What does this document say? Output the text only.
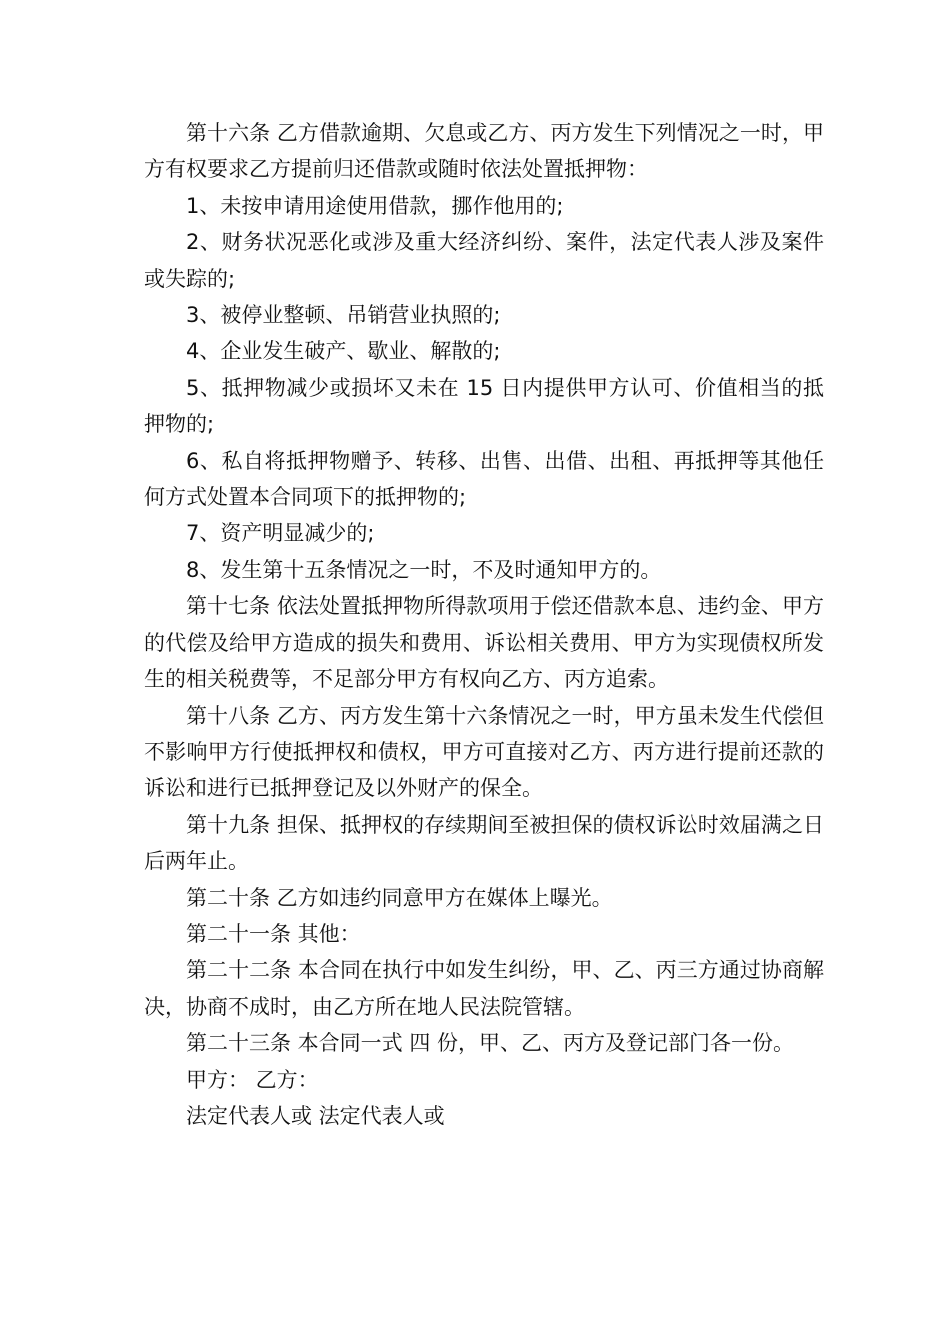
第十六条 乙方借款逾期、欠息或乙方、丙方发生下列情况之一时，甲方有权要求乙方提前归还借款或随时依法处置抵押物：

1、未按申请用途使用借款，挪作他用的;

2、财务状况恶化或涉及重大经济纠纷、案件，法定代表人涉及案件或失踪的;

3、被停业整顿、吊销营业执照的;

4、企业发生破产、歇业、解散的;

5、抵押物减少或损坏又未在 15 日内提供甲方认可、价值相当的抵押物的;

6、私自将抵押物赠予、转移、出售、出借、出租、再抵押等其他任何方式处置本合同项下的抵押物的;

7、资产明显减少的;

8、发生第十五条情况之一时，不及时通知甲方的。

第十七条 依法处置抵押物所得款项用于偿还借款本息、违约金、甲方的代偿及给甲方造成的损失和费用、诉讼相关费用、甲方为实现债权所发生的相关税费等，不足部分甲方有权向乙方、丙方追索。

第十八条 乙方、丙方发生第十六条情况之一时，甲方虽未发生代偿但不影响甲方行使抵押权和债权，甲方可直接对乙方、丙方进行提前还款的诉讼和进行已抵押登记及以外财产的保全。

第十九条 担保、抵押权的存续期间至被担保的债权诉讼时效届满之日后两年止。

第二十条 乙方如违约同意甲方在媒体上曝光。

第二十一条 其他：

第二十二条 本合同在执行中如发生纠纷，甲、乙、丙三方通过协商解决，协商不成时，由乙方所在地人民法院管辖。

第二十三条 本合同一式 四 份，甲、乙、丙方及登记部门各一份。

甲方： 乙方：

法定代表人或 法定代表人或
